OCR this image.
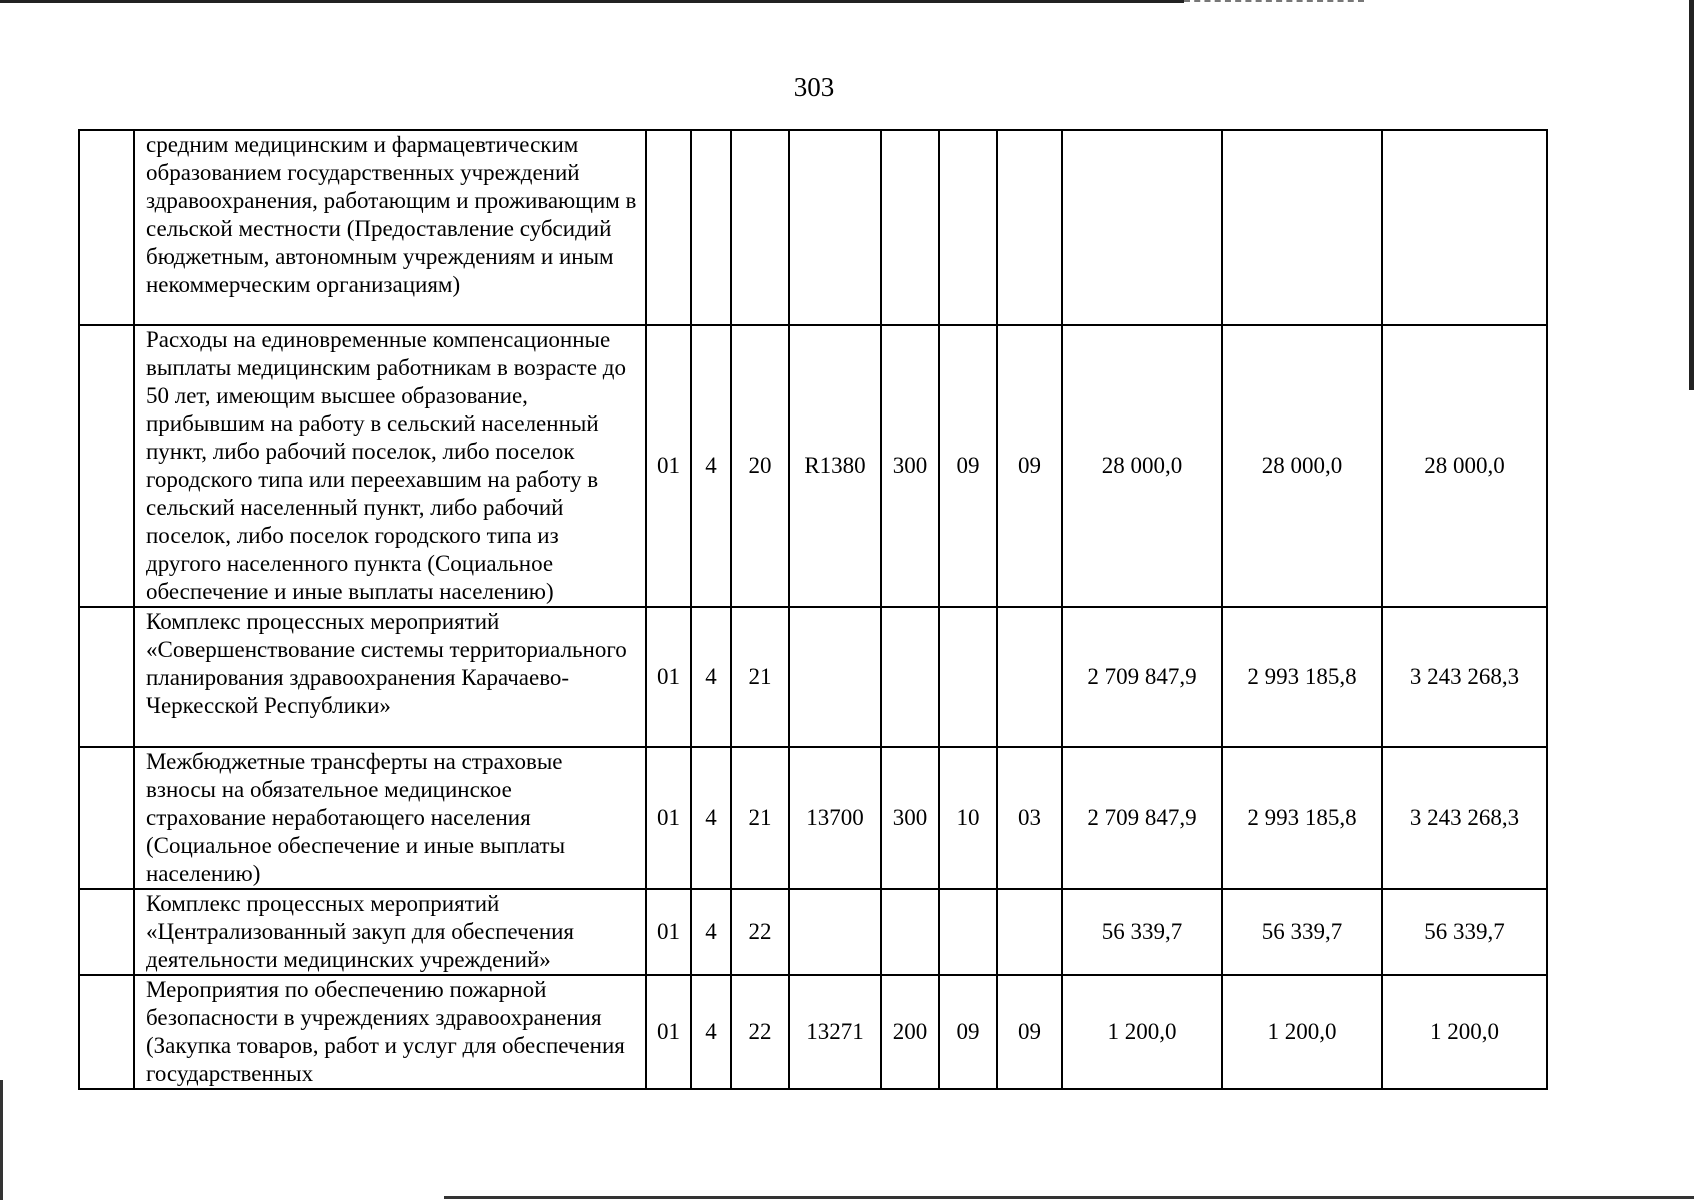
303
	средним медицинским и фармацевтическим образованием государственных учреждений здравоохранения, работающим и проживающим в сельской местности (Предоставление субсидий бюджетным, автономным учреждениям и иным некоммерческим организациям)										
	Расходы на единовременные компенсационные выплаты медицинским работникам в возрасте до 50 лет, имеющим высшее образование, прибывшим на работу в сельский населенный пункт, либо рабочий поселок, либо поселок городского типа или переехавшим на работу в сельский населенный пункт, либо рабочий поселок, либо поселок городского типа из другого населенного пункта (Социальное обеспечение и иные выплаты населению)	01	4	20	R1380	300	09	09	28 000,0	28 000,0	28 000,0
	Комплекс процессных мероприятий «Совершенствование системы территориального планирования здравоохранения Карачаево-Черкесской Республики»	01	4	21					2 709 847,9	2 993 185,8	3 243 268,3
	Межбюджетные трансферты на страховые взносы на обязательное медицинское страхование неработающего населения (Социальное обеспечение и иные выплаты населению)	01	4	21	13700	300	10	03	2 709 847,9	2 993 185,8	3 243 268,3
	Комплекс процессных мероприятий «Централизованный закуп для обеспечения деятельности медицинских учреждений»	01	4	22					56 339,7	56 339,7	56 339,7
	Мероприятия по обеспечению пожарной безопасности в учреждениях здравоохранения (Закупка товаров, работ и услуг для обеспечения государственных	01	4	22	13271	200	09	09	1 200,0	1 200,0	1 200,0
